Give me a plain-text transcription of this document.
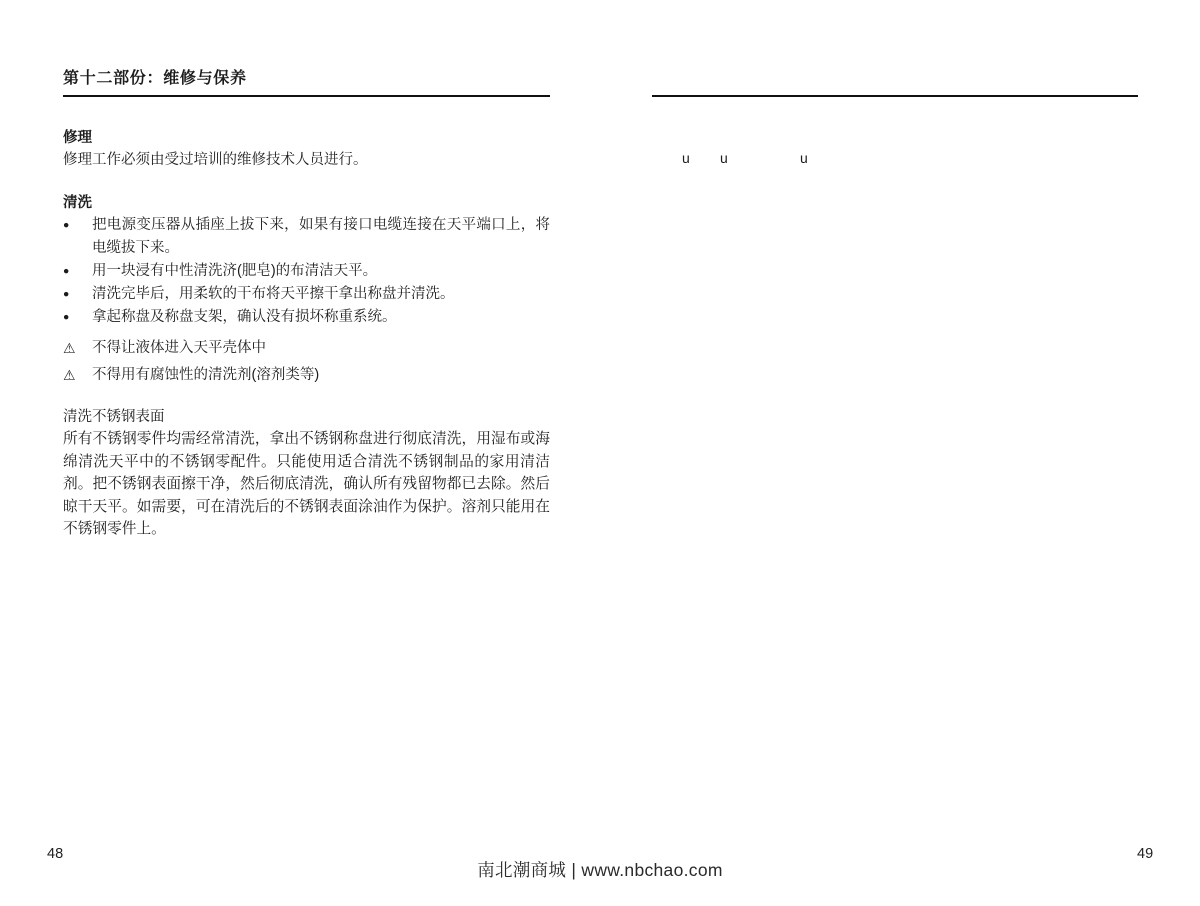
第十二部份：维修与保养
修理
修理工作必须由受过培训的维修技术人员进行。
清洗
●	把电源变压器从插座上拔下来，如果有接口电缆连接在天平端口上，将电缆拔下来。
●	用一块浸有中性清洗济(肥皂)的布清洁天平。
●	清洗完毕后，用柔软的干布将天平擦干拿出称盘并清洗。
●	拿起称盘及称盘支架，确认没有损坏称重系统。
⚠	不得让液体进入天平壳体中
⚠	不得用有腐蚀性的清洗剂(溶剂类等)
清洗不锈钢表面
所有不锈钢零件均需经常清洗，拿出不锈钢称盘进行彻底清洗，用湿布或海绵清洗天平中的不锈钢零配件。只能使用适合清洗不锈钢制品的家用清洁剂。把不锈钢表面擦干净，然后彻底清洗，确认所有残留物都已去除。然后晾干天平。如需要，可在清洗后的不锈钢表面涂油作为保护。溶剂只能用在不锈钢零件上。
u u	u
48	49
南北潮商城 | www.nbchao.com
